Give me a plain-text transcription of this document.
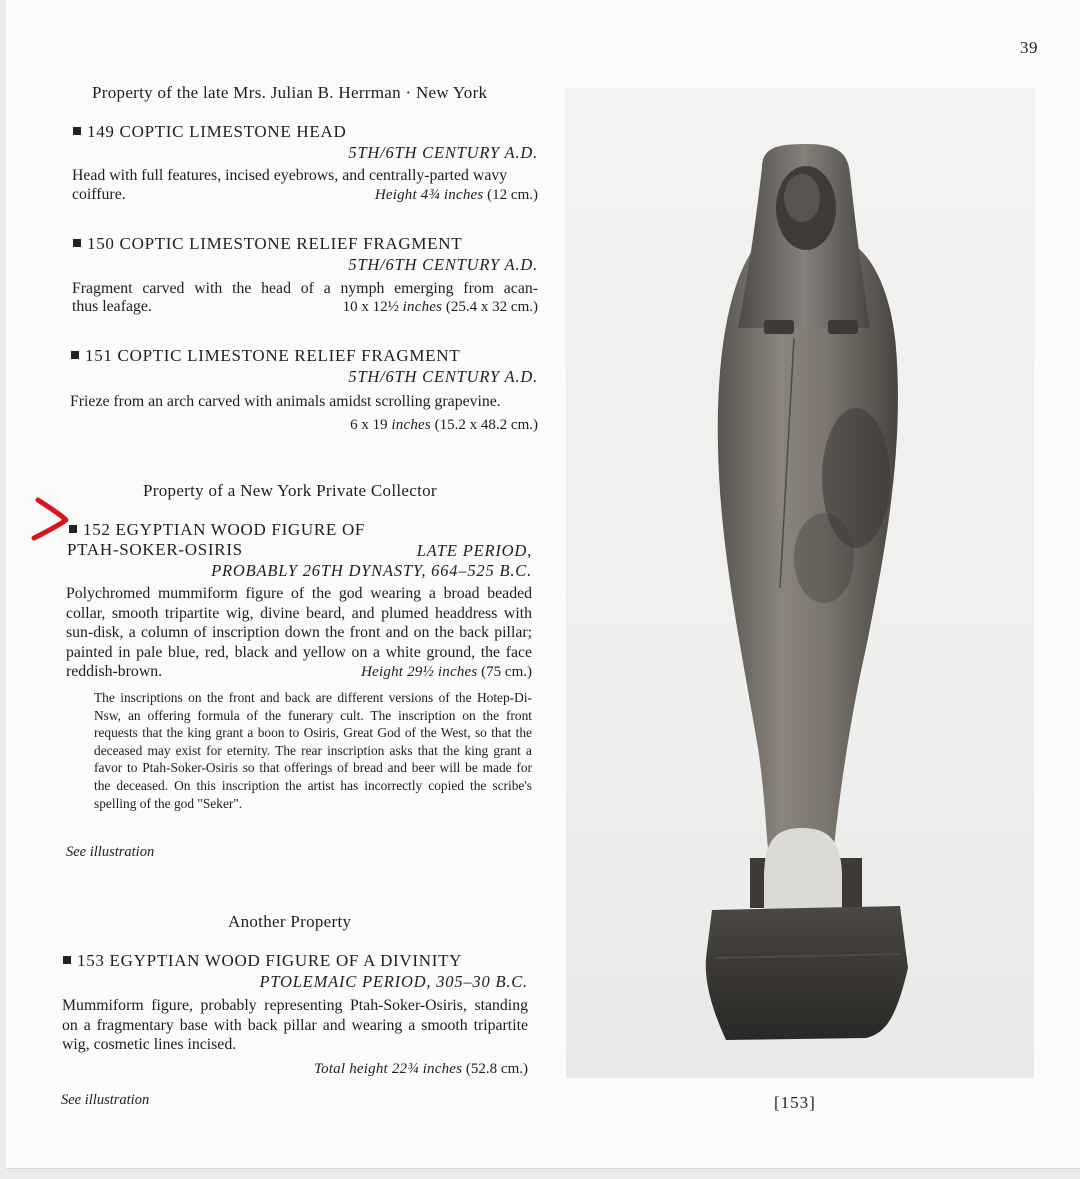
39
Property of the late Mrs. Julian B. Herrman · New York
149 COPTIC LIMESTONE HEAD
5TH/6TH CENTURY A.D.
Head with full features, incised eyebrows, and centrally-parted wavy
coiffure.	Height 4¾ inches (12 cm.)
150 COPTIC LIMESTONE RELIEF FRAGMENT
5TH/6TH CENTURY A.D.
Fragment carved with the head of a nymph emerging from acan-
thus leafage.	10 x 12½ inches (25.4 x 32 cm.)
151 COPTIC LIMESTONE RELIEF FRAGMENT
5TH/6TH CENTURY A.D.
Frieze from an arch carved with animals amidst scrolling grapevine.
6 x 19 inches (15.2 x 48.2 cm.)
Property of a New York Private Collector
152 EGYPTIAN WOOD FIGURE OF
PTAH-SOKER-OSIRIS	LATE PERIOD,
PROBABLY 26TH DYNASTY, 664–525 B.C.
Polychromed mummiform figure of the god wearing a broad beaded collar, smooth tripartite wig, divine beard, and plumed headdress with sun-disk, a column of inscription down the front and on the back pillar; painted in pale blue, red, black and yellow on a white ground, the face reddish-brown.	Height 29½ inches (75 cm.)
The inscriptions on the front and back are different versions of the Hotep-Di-Nsw, an offering formula of the funerary cult. The inscription on the front requests that the king grant a boon to Osiris, Great God of the West, so that the deceased may exist for eternity. The rear inscription asks that the king grant a favor to Ptah-Soker-Osiris so that offerings of bread and beer will be made for the deceased. On this inscription the artist has incorrectly copied the scribe's spelling of the god "Seker".
See illustration
Another Property
153 EGYPTIAN WOOD FIGURE OF A DIVINITY
PTOLEMAIC PERIOD, 305–30 B.C.
Mummiform figure, probably representing Ptah-Soker-Osiris, standing on a fragmentary base with back pillar and wearing a smooth tripartite wig, cosmetic lines incised.
Total height 22¾ inches (52.8 cm.)
See illustration	[153]
